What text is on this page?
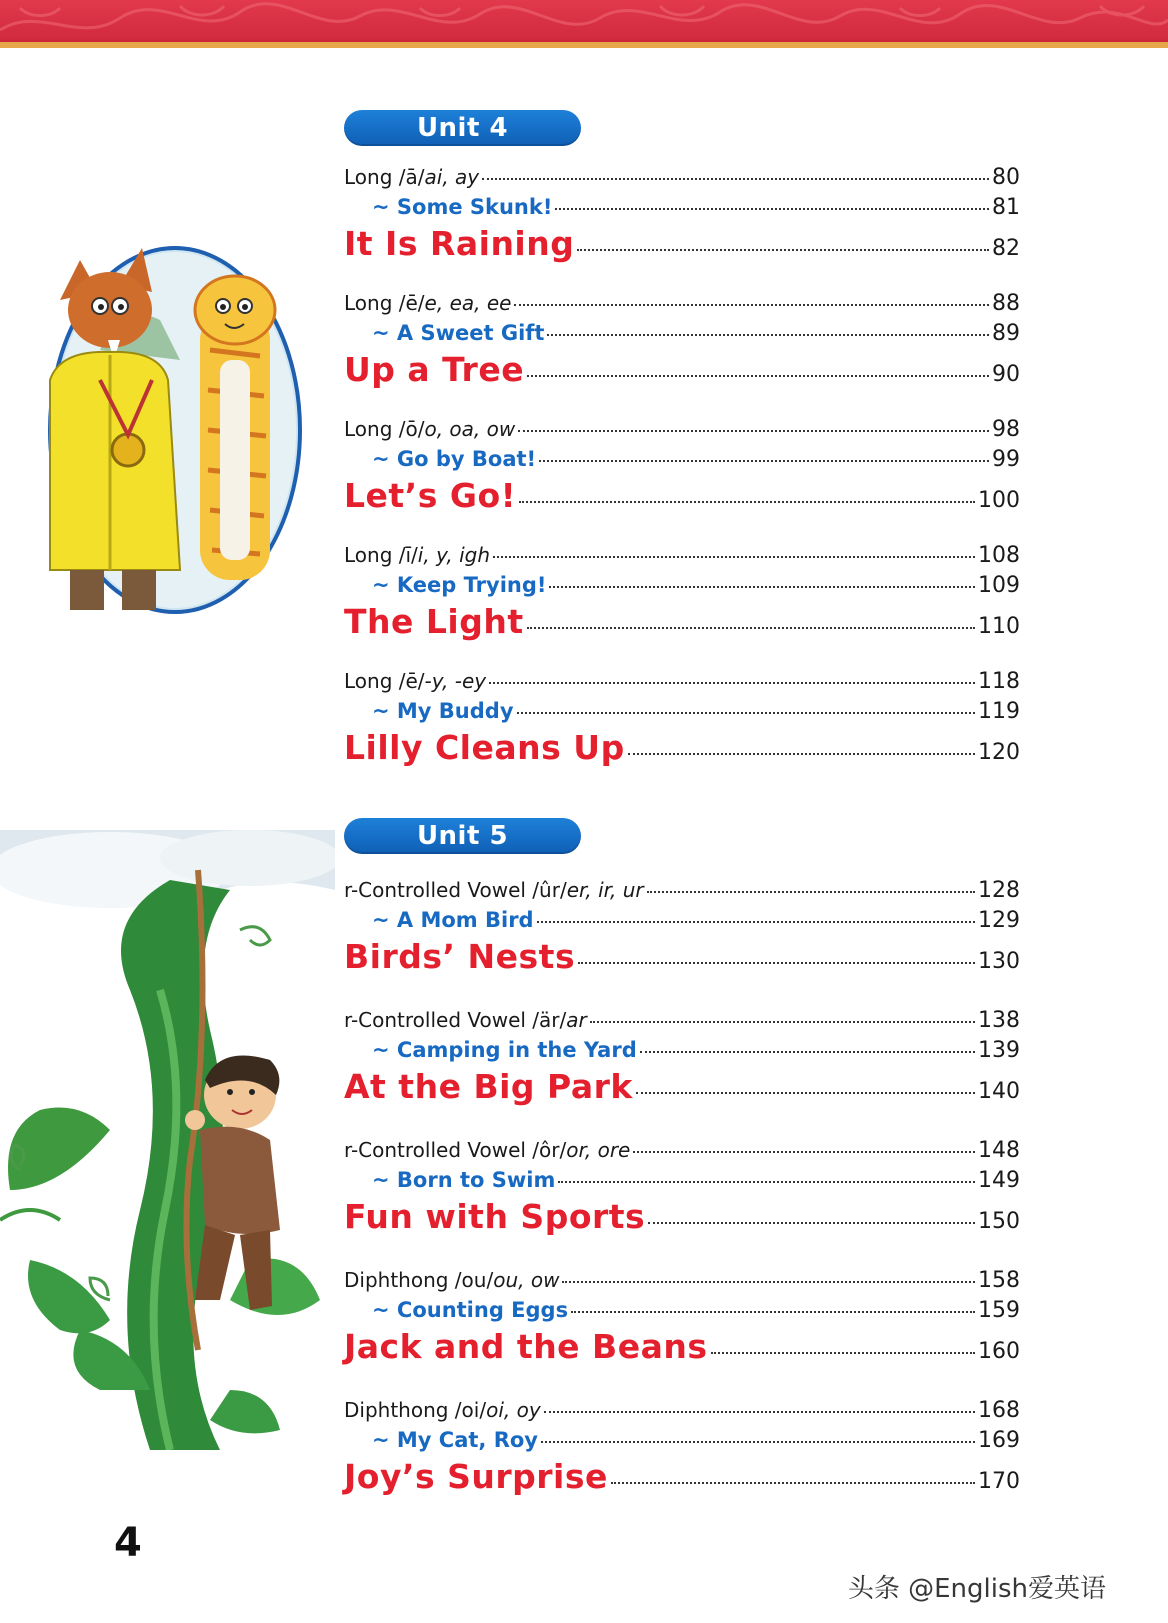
Unit 4
Long /ā/ai, ay	80
~ Some Skunk!	81
It Is Raining	82
Long /ē/e, ea, ee	88
~ A Sweet Gift	89
Up a Tree	90
Long /ō/o, oa, ow	98
~ Go by Boat!	99
Let’s Go!	100
Long /ī/i, y, igh	108
~ Keep Trying!	109
The Light	110
Long /ē/-y, -ey	118
~ My Buddy	119
Lilly Cleans Up	120
Unit 5
r-Controlled Vowel /ûr/er, ir, ur	128
~ A Mom Bird	129
Birds’ Nests	130
r-Controlled Vowel /är/ar	138
~ Camping in the Yard	139
At the Big Park	140
r-Controlled Vowel /ôr/or, ore	148
~ Born to Swim	149
Fun with Sports	150
Diphthong /ou/ou, ow	158
~ Counting Eggs	159
Jack and the Beans	160
Diphthong /oi/oi, oy	168
~ My Cat, Roy	169
Joy’s Surprise	170
4
头条 @English爱英语
